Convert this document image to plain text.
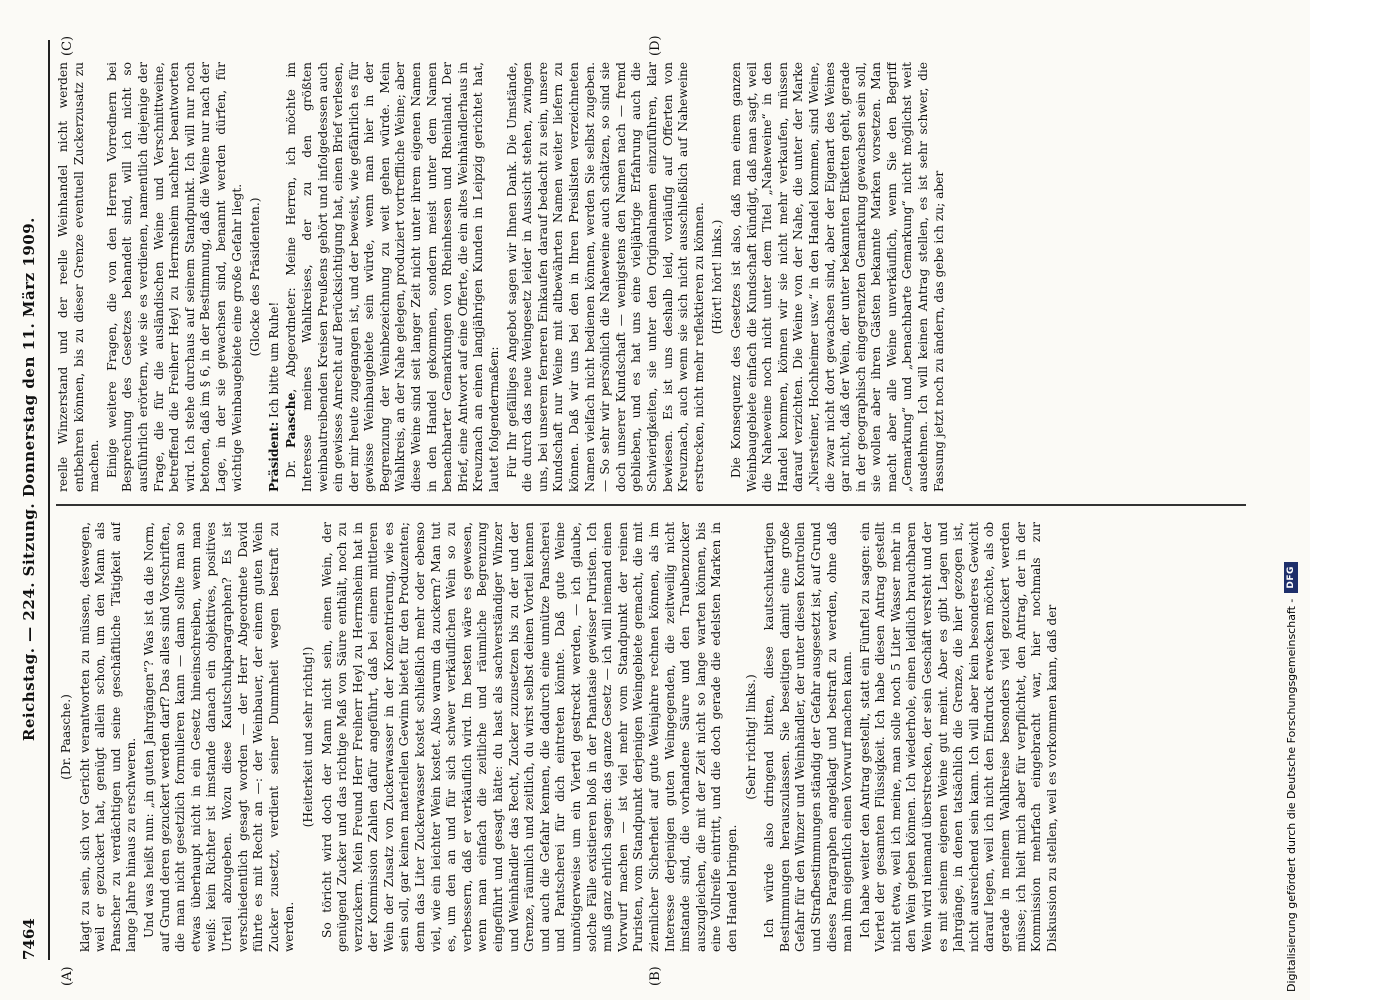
7464
Reichstag. — 224. Sitzung. Donnerstag den 11. März 1909.
(A)	(B)
(C)	(D)

(Dr. Paasche.) klagt zu sein, sich vor Gericht verantworten zu müssen, deswegen, weil er gezuckert hat, genügt allein schon, um den Mann als Panscher zu verdächtigen und seine geschäftliche Tätigkeit auf lange Jahre hinaus zu erschweren. Und was heißt nun: „in guten Jahrgängen“? Was ist da die Norm, auf Grund deren gezuckert werden darf? Das alles sind Vorschriften, die man nicht gesetzlich formulieren kann — dann sollte man so etwas überhaupt nicht in ein Gesetz hineinschreiben, wenn man weiß: kein Richter ist imstande danach ein objektives, positives Urteil abzugeben. Wozu diese Kautschukparagraphen? Es ist verschiedentlich gesagt worden — der Herr Abgeordnete David führte es mit Recht an —: der Weinbauer, der einem guten Wein Zucker zusetzt, verdient seiner Dummheit wegen bestraft zu werden.

(Heiterkeit und sehr richtig!) So töricht wird doch der Mann nicht sein, einen Wein, der genügend Zucker und das richtige Maß von Säure enthält, noch zu verzuckern. Mein Freund Herr Freiherr Heyl zu Herrnsheim hat in der Kommission Zahlen dafür angeführt, daß bei einem mittleren Wein der Zusatz von Zuckerwasser in der Konzentrierung, wie es sein soll, gar keinen materiellen Gewinn bietet für den Produzenten; denn das Liter Zuckerwasser kostet schließlich mehr oder ebenso viel, wie ein leichter Wein kostet. Also warum da zuckern? Man tut es, um den an und für sich schwer verkäuflichen Wein so zu verbessern, daß er verkäuflich wird. Im besten wäre es gewesen, wenn man einfach die zeitliche und räumliche Begrenzung eingeführt und gesagt hätte: du hast als sachverständiger Winzer und Weinhändler das Recht, Zucker zuzusetzen bis zu der und der Grenze, räumlich und zeitlich, du wirst selbst deinen Vorteil kennen und auch die Gefahr kennen, die dadurch eine unnütze Panscherei und Pantscherei für dich eintreten könnte. Daß gute Weine unnötigerweise um ein Viertel gestreckt werden, — ich glaube, solche Fälle existieren bloß in der Phantasie gewisser Puristen. Ich muß ganz ehrlich sagen: das ganze Gesetz — ich will niemand einen Vorwurf machen — ist viel mehr vom Standpunkt der reinen Puristen, vom Standpunkt derjenigen Weingebiete gemacht, die mit ziemlicher Sicherheit auf gute Weinjahre rechnen können, als im Interesse derjenigen guten Weingegenden, die zeitweilig nicht imstande sind, die vorhandene Säure und den Traubenzucker auszugleichen, die mit der Zeit nicht so lange warten können, bis eine Vollreife eintritt, und die doch gerade die edelsten Marken in den Handel bringen.

(Sehr richtig! links.) Ich würde also dringend bitten, diese kautschukartigen Bestimmungen herauszulassen. Sie beseitigen damit eine große Gefahr für den Winzer und Weinhändler, der unter diesen Kontrollen und Strafbestimmungen ständig der Gefahr ausgesetzt ist, auf Grund dieses Paragraphen angeklagt und bestraft zu werden, ohne daß man ihm eigentlich einen Vorwurf machen kann. Ich habe weiter den Antrag gestellt, statt ein Fünftel zu sagen: ein Viertel der gesamten Flüssigkeit. Ich habe diesen Antrag gestellt nicht etwa, weil ich meine, man solle noch 5 Liter Wasser mehr in den Wein geben können. Ich wiederhole, einen leidlich brauchbaren Wein wird niemand überstrecken, der sein Geschäft versteht und der es mit seinem eigenen Weine gut meint. Aber es gibt Lagen und Jahrgänge, in denen tatsächlich die Grenze, die hier gezogen ist, nicht ausreichend sein kann. Ich will aber kein besonderes Gewicht darauf legen, weil ich nicht den Eindruck erwecken möchte, als ob gerade in meinem Wahlkreise besonders viel gezuckert werden müsse; ich hielt mich aber für verpflichtet, den Antrag, der in der Kommission mehrfach eingebracht war, hier nochmals zur Diskussion zu stellen, weil es vorkommen kann, daß der

reelle Winzerstand und der reelle Weinhandel nicht werden entbehren können, bis zu dieser Grenze eventuell Zuckerzusatz zu machen. Einige weitere Fragen, die von den Herren Vorrednern bei Besprechung des Gesetzes behandelt sind, will ich nicht so ausführlich erörtern, wie sie es verdienen, namentlich diejenige der Frage, die für die ausländischen Weine und Verschnittweine, betreffend die Freiherr Heyl zu Herrnsheim nachher beantworten wird. Ich stehe durchaus auf seinem Standpunkt. Ich will nur noch betonen, daß im § 6, in der Bestimmung, daß die Weine nur nach der Lage, in der sie gewachsen sind, benannt werden dürfen, für wichtige Weinbaugebiete eine große Gefahr liegt. (Glocke des Präsidenten.)

Präsident: Ich bitte um Ruhe!

Dr. Paasche, Abgeordneter: Meine Herren, ich möchte im Interesse meines Wahlkreises, der zu den größten weinbautreibenden Kreisen Preußens gehört und infolgedessen auch ein gewisses Anrecht auf Berücksichtigung hat, einen Brief verlesen, der mir heute zugegangen ist, und der beweist, wie gefährlich es für gewisse Weinbaugebiete sein würde, wenn man hier in der Begrenzung der Weinbezeichnung zu weit gehen würde. Mein Wahlkreis, an der Nahe gelegen, produziert vortreffliche Weine; aber diese Weine sind seit langer Zeit nicht unter ihrem eigenen Namen in den Handel gekommen, sondern meist unter dem Namen benachbarter Gemarkungen von Rheinhessen und Rheinland. Der Brief, eine Antwort auf eine Offerte, die ein altes Weinhändlerhaus in Kreuznach an einen langjährigen Kunden in Leipzig gerichtet hat, lautet folgendermaßen: Für Ihr gefälliges Angebot sagen wir Ihnen Dank. Die Umstände, die durch das neue Weingesetz leider in Aussicht stehen, zwingen uns, bei unserem ferneren Einkaufen darauf bedacht zu sein, unsere Kundschaft nur Weine mit altbewährten Namen weiter liefern zu können. Daß wir uns bei den in Ihren Preislisten verzeichneten Namen vielfach nicht bedienen können, werden Sie selbst zugeben. — So sehr wir persönlich die Naheweine auch schätzen, so sind sie doch unserer Kundschaft — wenigstens den Namen nach — fremd geblieben, und es hat uns eine vieljährige Erfahrung auch die Schwierigkeiten, sie unter den Originalnamen einzuführen, klar bewiesen. Es ist uns deshalb leid, vorläufig auf Offerten von Kreuznach, auch wenn sie sich nicht ausschließlich auf Naheweine erstrecken, nicht mehr reflektieren zu können. (Hört! hört! links.) Die Konsequenz des Gesetzes ist also, daß man einem ganzen Weinbaugebiete einfach die Kundschaft kündigt, daß man sagt, weil die Naheweine noch nicht unter dem Titel „Naheweine“ in den Handel kommen, können wir sie nicht mehr verkaufen, müssen darauf verzichten. Die Weine von der Nahe, die unter der Marke „Niersteiner, Hochheimer usw.“ in den Handel kommen, sind Weine, die zwar nicht dort gewachsen sind, aber der Eigenart des Weines gar nicht, daß der Wein, der unter bekannten Etiketten geht, gerade in der geographisch eingegrenzten Gemarkung gewachsen sein soll, sie wollen aber ihren Gästen bekannte Marken vorsetzen. Man macht aber alle Weine unverkäuflich, wenn Sie den Begriff „Gemarkung“ und „benachbarte Gemarkung“ nicht möglichst weit ausdehnen. Ich will keinen Antrag stellen, es ist sehr schwer, die Fassung jetzt noch zu ändern, das gebe ich zu; aber

Digitalisierung gefördert durch die Deutsche Forschungsgemeinschaft -
DFG
